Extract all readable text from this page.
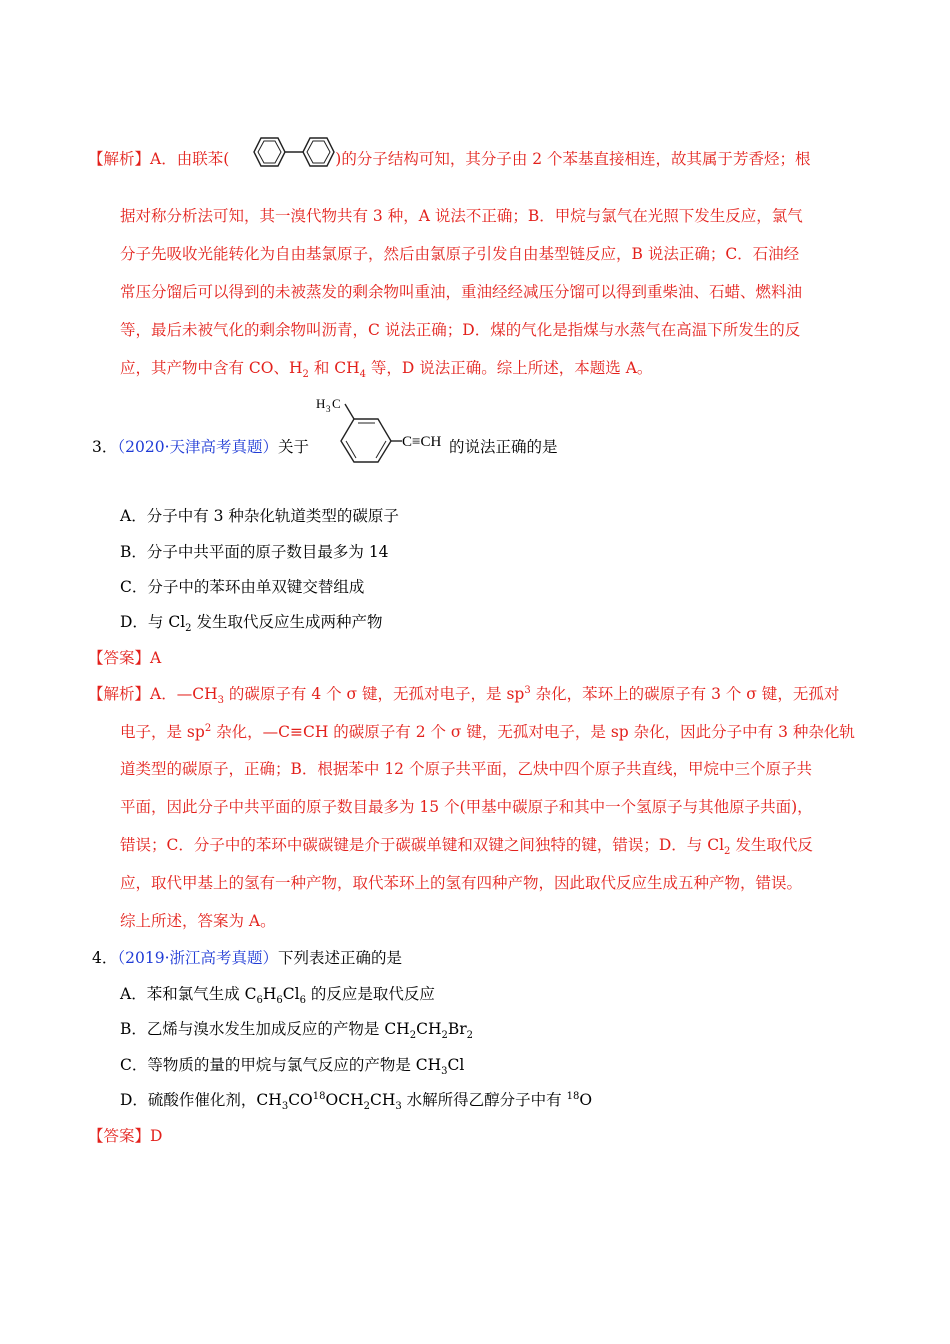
【解析】A．由联苯(	)的分子结构可知，其分子由 2 个苯基直接相连，故其属于芳香烃；根
据对称分析法可知，其一溴代物共有 3 种，A 说法不正确；B．甲烷与氯气在光照下发生反应，氯气
分子先吸收光能转化为自由基氯原子，然后由氯原子引发自由基型链反应，B 说法正确；C．石油经
常压分馏后可以得到的未被蒸发的剩余物叫重油，重油经经减压分馏可以得到重柴油、石蜡、燃料油
等，最后未被气化的剩余物叫沥青，C 说法正确；D．煤的气化是指煤与水蒸气在高温下所发生的反
应，其产物中含有 CO、$H_2$ 和 $CH_4$ 等，D 说法正确。综上所述，本题选 A。
3．（2020·天津高考真题）关于	的说法正确的是
H 3 C
C≡CH
A．分子中有 3 种杂化轨道类型的碳原子
B．分子中共平面的原子数目最多为 14
C．分子中的苯环由单双键交替组成
D．与 $Cl_2$ 发生取代反应生成两种产物
【答案】A
【解析】A．$—CH_3$ 的碳原子有 4 个 σ 键，无孤对电子，是 $sp^3$ 杂化，苯环上的碳原子有 3 个 σ 键，无孤对
电子，是 $sp^2$ 杂化，—C≡CH 的碳原子有 2 个 σ 键，无孤对电子，是 sp 杂化，因此分子中有 3 种杂化轨
道类型的碳原子，正确；B．根据苯中 12 个原子共平面，乙炔中四个原子共直线，甲烷中三个原子共
平面，因此分子中共平面的原子数目最多为 15 个(甲基中碳原子和其中一个氢原子与其他原子共面)，
错误；C．分子中的苯环中碳碳键是介于碳碳单键和双键之间独特的键，错误；D．与 $Cl_2$ 发生取代反
应，取代甲基上的氢有一种产物，取代苯环上的氢有四种产物，因此取代反应生成五种产物，错误。
综上所述，答案为 A。
4．（2019·浙江高考真题）下列表述正确的是
A．苯和氯气生成 $C_6H_6Cl_6$ 的反应是取代反应
B．乙烯与溴水发生加成反应的产物是 $CH_2CH_2Br_2$
C．等物质的量的甲烷与氯气反应的产物是 $CH_3Cl$
D．硫酸作催化剂，$CH_3CO^{18}OCH_2CH_3$ 水解所得乙醇分子中有 $^{18}$O
【答案】D
